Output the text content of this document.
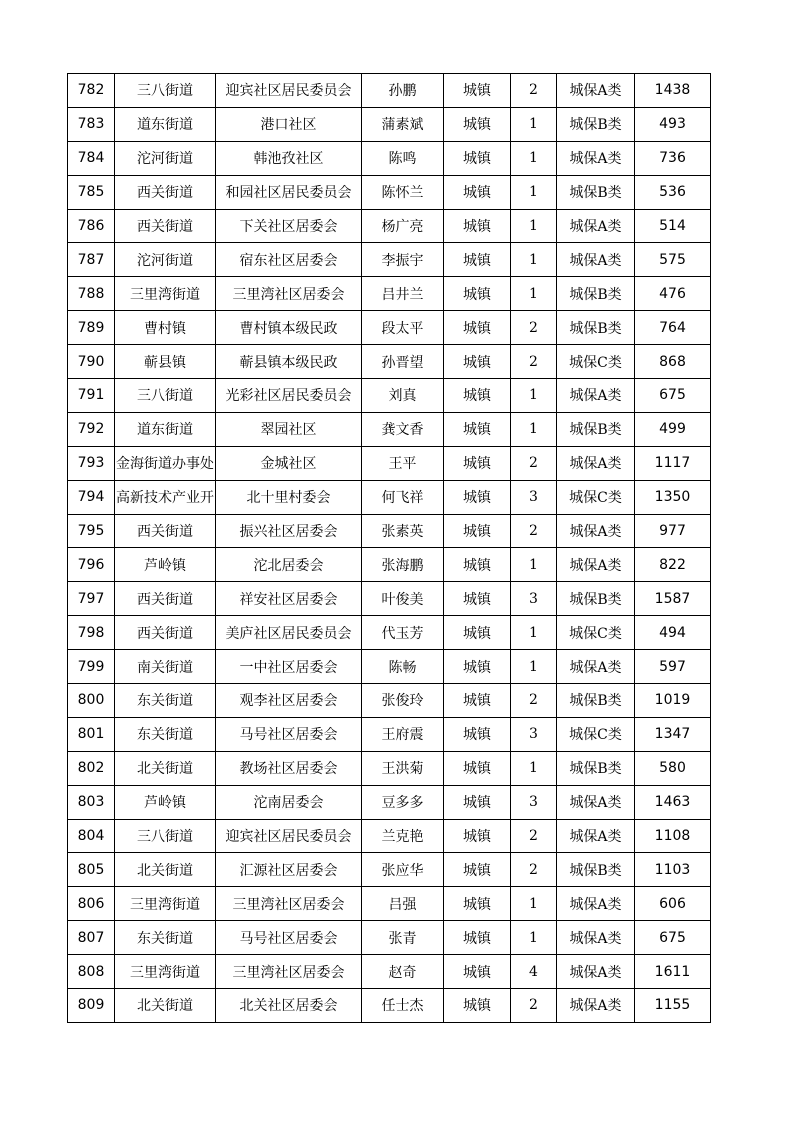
782	三八街道	迎宾社区居民委员会	孙鹏	城镇	2	城保A类	1438
783	道东街道	港口社区	蒲素斌	城镇	1	城保B类	493
784	沱河街道	韩池孜社区	陈鸣	城镇	1	城保A类	736
785	西关街道	和园社区居民委员会	陈怀兰	城镇	1	城保B类	536
786	西关街道	下关社区居委会	杨广亮	城镇	1	城保A类	514
787	沱河街道	宿东社区居委会	李振宇	城镇	1	城保A类	575
788	三里湾街道	三里湾社区居委会	吕井兰	城镇	1	城保B类	476
789	曹村镇	曹村镇本级民政	段太平	城镇	2	城保B类	764
790	蕲县镇	蕲县镇本级民政	孙晋望	城镇	2	城保C类	868
791	三八街道	光彩社区居民委员会	刘真	城镇	1	城保A类	675
792	道东街道	翠园社区	龚文香	城镇	1	城保B类	499
793	金海街道办事处	金城社区	王平	城镇	2	城保A类	1117
794	高新技术产业开	北十里村委会	何飞祥	城镇	3	城保C类	1350
795	西关街道	振兴社区居委会	张素英	城镇	2	城保A类	977
796	芦岭镇	沱北居委会	张海鹏	城镇	1	城保A类	822
797	西关街道	祥安社区居委会	叶俊美	城镇	3	城保B类	1587
798	西关街道	美庐社区居民委员会	代玉芳	城镇	1	城保C类	494
799	南关街道	一中社区居委会	陈畅	城镇	1	城保A类	597
800	东关街道	观李社区居委会	张俊玲	城镇	2	城保B类	1019
801	东关街道	马号社区居委会	王府震	城镇	3	城保C类	1347
802	北关街道	教场社区居委会	王洪菊	城镇	1	城保B类	580
803	芦岭镇	沱南居委会	豆多多	城镇	3	城保A类	1463
804	三八街道	迎宾社区居民委员会	兰克艳	城镇	2	城保A类	1108
805	北关街道	汇源社区居委会	张应华	城镇	2	城保B类	1103
806	三里湾街道	三里湾社区居委会	吕强	城镇	1	城保A类	606
807	东关街道	马号社区居委会	张青	城镇	1	城保A类	675
808	三里湾街道	三里湾社区居委会	赵奇	城镇	4	城保A类	1611
809	北关街道	北关社区居委会	任士杰	城镇	2	城保A类	1155
